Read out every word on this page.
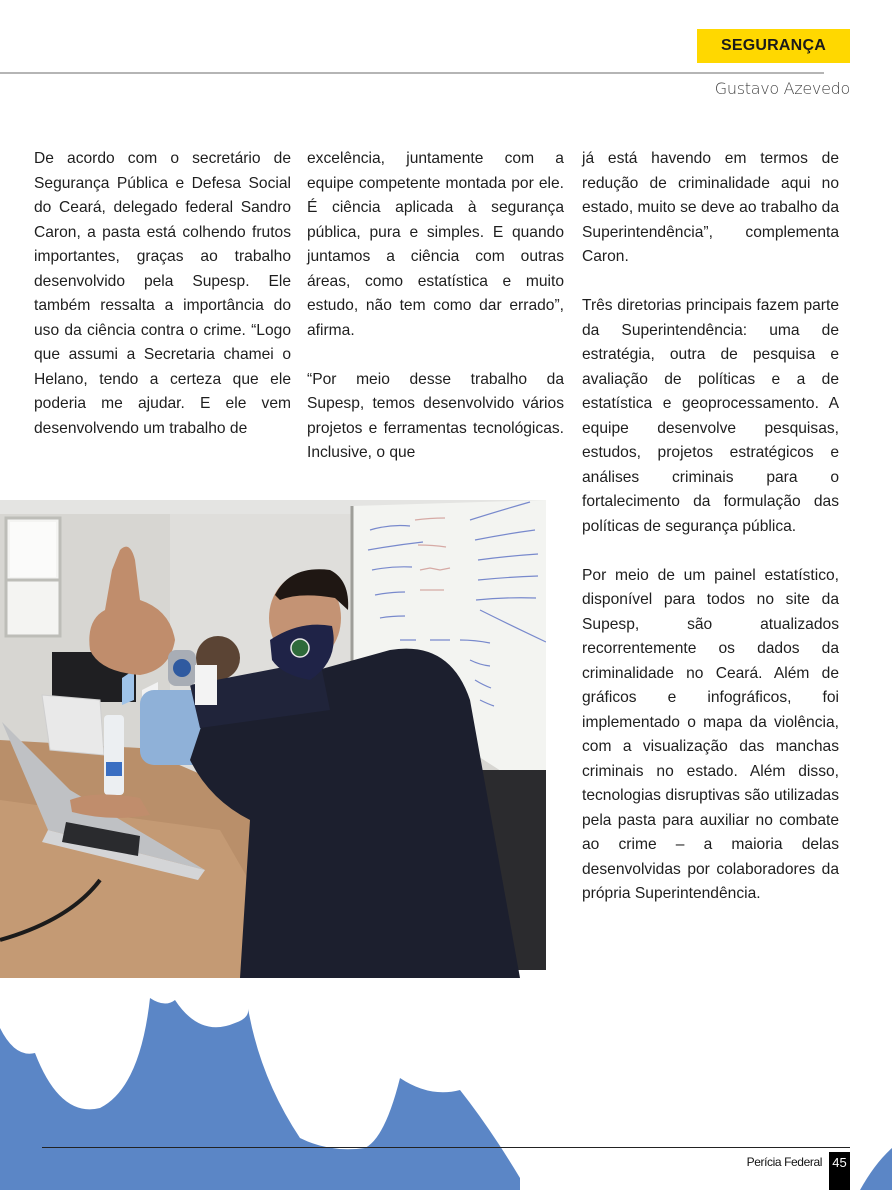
SEGURANÇA
Gustavo Azevedo

De acordo com o secretário de Segurança Pública e Defesa Social do Ceará, delegado federal Sandro Caron, a pasta está colhendo frutos importantes, graças ao trabalho desenvolvido pela Supesp. Ele também ressalta a importância do uso da ciência contra o crime. “Logo que assumi a Secretaria chamei o Helano, tendo a certeza que ele poderia me ajudar. E ele vem desenvolvendo um trabalho de

excelência, juntamente com a equipe competente montada por ele. É ciência aplicada à segurança pública, pura e simples. E quando juntamos a ciência com outras áreas, como estatística e muito estudo, não tem como dar errado”, afirma.

“Por meio desse trabalho da Supesp, temos desenvolvido vários projetos e ferramentas tecnológicas. Inclusive, o que

já está havendo em termos de redução de criminalidade aqui no estado, muito se deve ao trabalho da Superintendência”, complementa Caron.

Três diretorias principais fazem parte da Superintendência: uma de estratégia, outra de pesquisa e avaliação de políticas e a de estatística e geoprocessamento. A equipe desenvolve pesquisas, estudos, projetos estratégicos e análises criminais para o fortalecimento da formulação das políticas de segurança pública.

Por meio de um painel estatístico, disponível para todos no site da Supesp, são atualizados recorrentemente os dados da criminalidade no Ceará. Além de gráficos e infográficos, foi implementado o mapa da violência, com a visualização das manchas criminais no estado. Além disso, tecnologias disruptivas são utilizadas pela pasta para auxiliar no combate ao crime – a maioria delas desenvolvidas por colaboradores da própria Superintendência.

Perícia Federal 45
